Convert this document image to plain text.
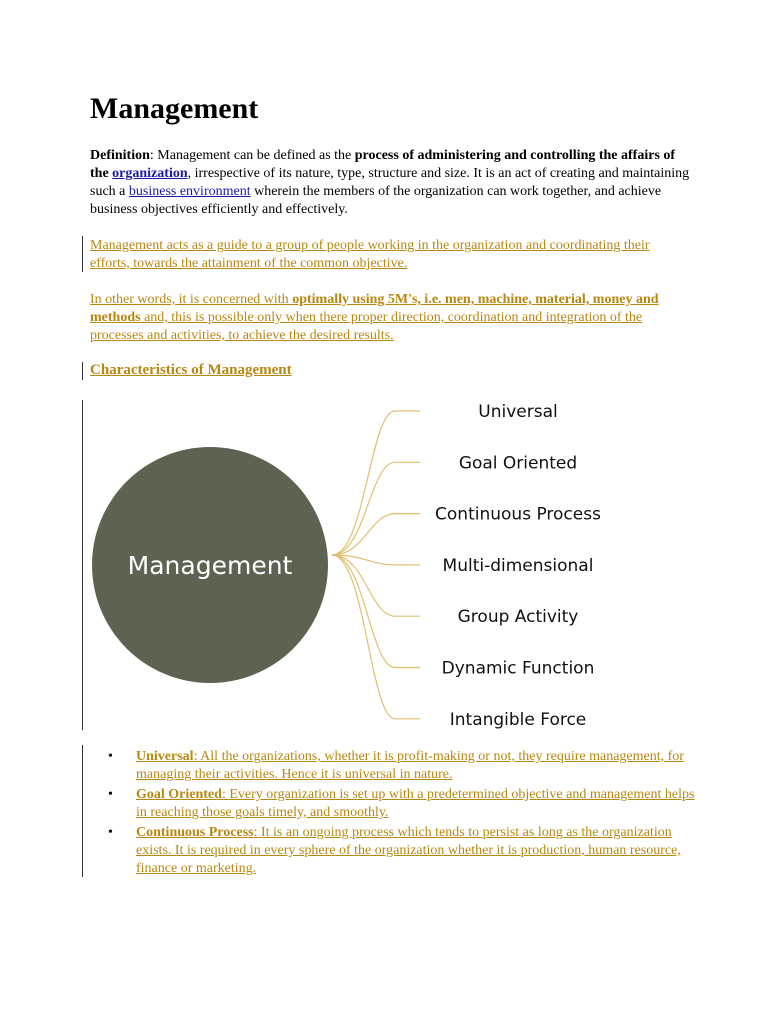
Management

Definition: Management can be defined as the process of administering and controlling the affairs of the organization, irrespective of its nature, type, structure and size. It is an act of creating and maintaining such a business environment wherein the members of the organization can work together, and achieve business objectives efficiently and effectively.

Management acts as a guide to a group of people working in the organization and coordinating their efforts, towards the attainment of the common objective.

In other words, it is concerned with optimally using 5M's, i.e. men, machine, material, money and methods and, this is possible only when there proper direction, coordination and integration of the processes and activities, to achieve the desired results.

Characteristics of Management
Management
Universal
Goal Oriented
Continuous Process
Multi-dimensional
Group Activity
Dynamic Function
Intangible Force
• Universal: All the organizations, whether it is profit-making or not, they require management, for managing their activities. Hence it is universal in nature.
• Goal Oriented: Every organization is set up with a predetermined objective and management helps in reaching those goals timely, and smoothly.
• Continuous Process: It is an ongoing process which tends to persist as long as the organization exists. It is required in every sphere of the organization whether it is production, human resource, finance or marketing.
